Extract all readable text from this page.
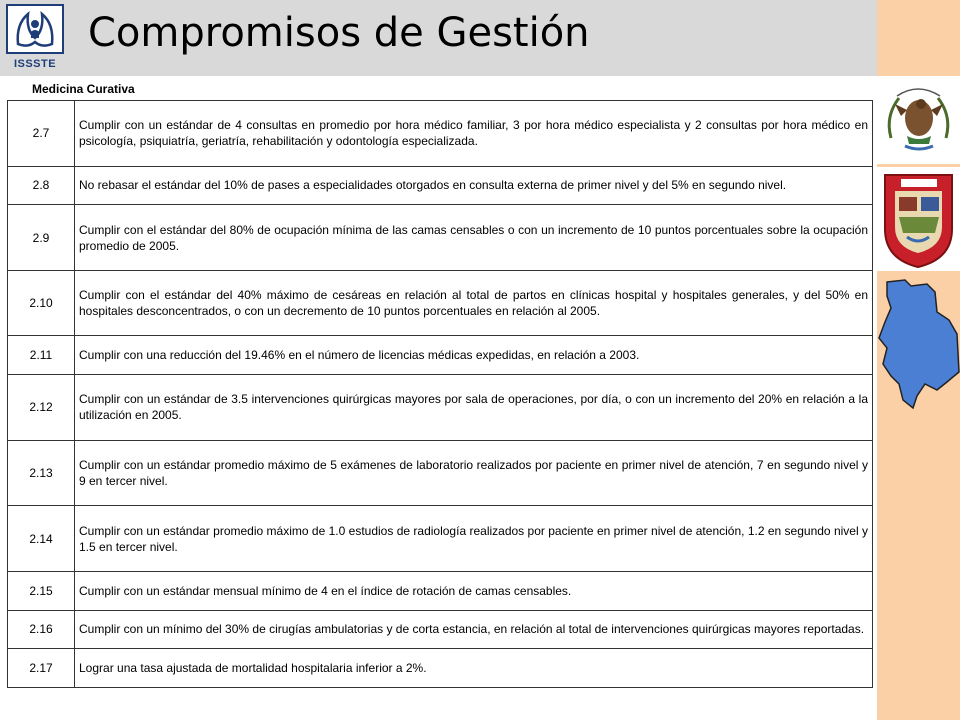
ISSSTE
Compromisos de Gestión
Medicina Curativa
2.7	Cumplir con un estándar de 4 consultas en promedio por hora médico familiar, 3 por hora médico especialista y 2 consultas por hora médico en psicología, psiquiatría, geriatría, rehabilitación y odontología especializada.
2.8	No rebasar el estándar del 10% de pases a especialidades otorgados en consulta externa de primer nivel y del 5% en segundo nivel.
2.9	Cumplir con el estándar del 80% de ocupación mínima de las camas censables o con un incremento de 10 puntos porcentuales sobre la ocupación promedio de 2005.
2.10	Cumplir con el estándar del 40% máximo de cesáreas en relación al total de partos en clínicas hospital y hospitales generales, y del 50% en hospitales desconcentrados, o con un decremento de 10 puntos porcentuales en relación al 2005.
2.11	Cumplir con una reducción del 19.46% en el número de licencias médicas expedidas, en relación a 2003.
2.12	Cumplir con un estándar de 3.5 intervenciones quirúrgicas mayores por sala de operaciones, por día, o con un incremento del 20% en relación a la utilización en 2005.
2.13	Cumplir con un estándar promedio máximo de 5 exámenes de laboratorio realizados por paciente en primer nivel de atención, 7 en segundo nivel y 9 en tercer nivel.
2.14	Cumplir con un estándar promedio máximo de 1.0 estudios de radiología realizados por paciente en primer nivel de atención, 1.2 en segundo nivel y 1.5 en tercer nivel.
2.15	Cumplir con un estándar mensual mínimo de 4 en el índice de rotación de camas censables.
2.16	Cumplir con un mínimo del 30% de cirugías ambulatorias y de corta estancia, en relación al total de intervenciones quirúrgicas mayores reportadas.
2.17	Lograr una tasa ajustada de mortalidad hospitalaria inferior a 2%.
